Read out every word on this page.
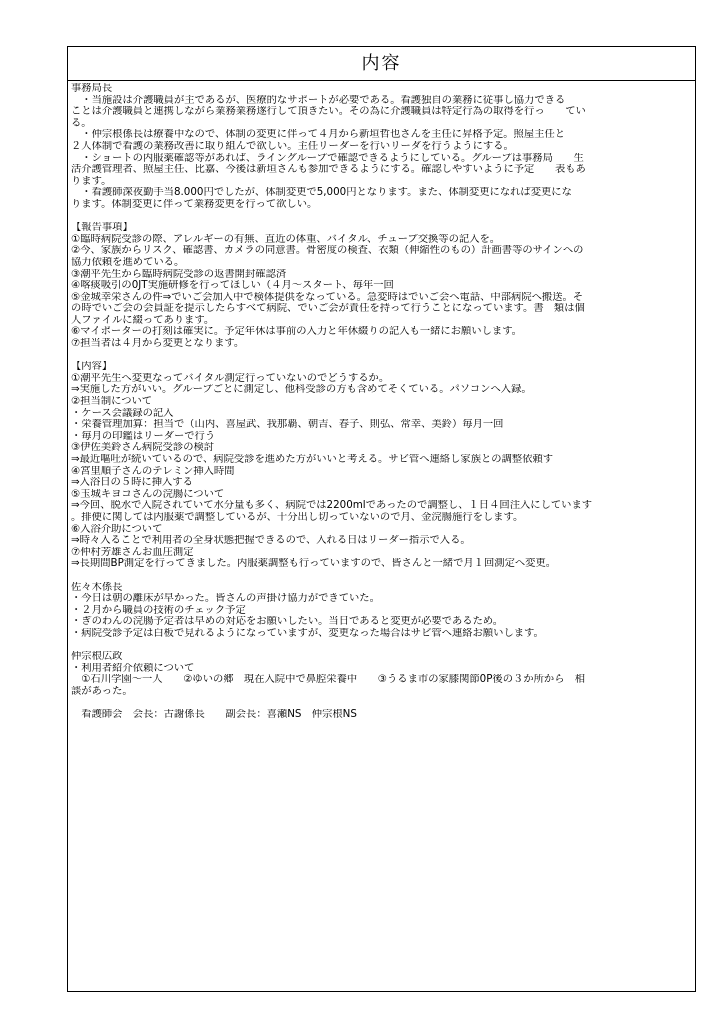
内容
事務局長
　・当施設は介護職員が主であるが、医療的なサポートが必要である。看護独自の業務に従事し協力できる
ことは介護職員と連携しながら業務業務遂行して頂きたい。その為に介護職員は特定行為の取得を行っ　　てい
る。
　・仲宗根係長は療養中なので、体制の変更に伴って４月から新垣哲也さんを主任に昇格予定。照屋主任と
２人体制で看護の業務改善に取り組んで欲しい。主任リーダーを行いリーダを行うようにする。
　・ショートの内服薬確認等があれば、ライングループで確認できるようにしている。グループは事務局　　生
活介護管理者、照屋主任、比嘉、今後は新垣さんも参加できるようにする。確認しやすいように予定　　表もあ
ります。
　・看護師深夜勤手当8.000円でしたが、体制変更で5,000円となります。また、体制変更になれば変更にな
ります。体制変更に伴って業務変更を行って欲しい。
【報告事項】
①臨時病院受診の際、アレルギーの有無、直近の体重、バイタル、チューブ交換等の記入を。
②今、家族からリスク、確認書、カメラの同意書。骨密度の検査、衣類（伸縮性のもの）計画書等のサインへの
協力依頼を進めている。
③潮平先生から臨時病院受診の返書開封確認済
④喀痰吸引の0JT実施研修を行ってほしい（４月～スタート、毎年一回
⑤金城幸栄さんの件⇒でいご会加入中で検体提供をなっている。急変時はでいご会へ電話、中部病院へ搬送。そ
の時でいご会の会員証を提示したらすべて病院、でいご会が責任を持って行うことになっています。書　類は個
人ファイルに綴ってあります。
⑥マイポーターの打刻は確実に。予定年休は事前の入力と年休綴りの記入も一緒にお願いします。
⑦担当者は４月から変更となります。
【内容】
①潮平先生へ変更なってバイタル測定行っていないのでどうするか。
⇒実施した方がいい。グループごとに測定し、他科受診の方も含めてそくている。パソコンへ入録。
②担当制について
・ケース会議録の記入
・栄養管理加算：担当で（山内、喜屋武、我那覇、朝吉、春子、則弘、常幸、美鈴）毎月一回
・毎月の印鑑はリーダーで行う
③伊佐美鈴さん病院受診の検討
⇒最近嘔吐が続いているので、病院受診を進めた方がいいと考える。サビ管へ連絡し家族との調整依頼す
④宮里順子さんのテレミン挿入時間
⇒入浴日の５時に挿入する
⑤玉城キヨコさんの浣腸について
⇒今回、脱水で入院されていて水分量も多く、病院では2200mlであったので調整し、１日４回注入にしています
。排便に関しては内服薬で調整しているが、十分出し切っていないので月、金浣腸施行をします。
⑥入浴介助について
⇒時々入ることで利用者の全身状態把握できるので、入れる日はリーダー指示で入る。
⑦仲村芳雄さんお血圧測定
⇒長期間BP測定を行ってきました。内服薬調整も行っていますので、皆さんと一緒で月１回測定へ変更。
佐々木係長
・今日は朝の離床が早かった。皆さんの声掛け協力ができていた。
・２月から職員の技術のチェック予定
・ぎのわんの浣腸予定者は早めの対応をお願いしたい。当日であると変更が必要であるため。
・病院受診予定は白板で見れるようになっていますが、変更なった場合はサビ管へ連絡お願いします。
仲宗根広政
・利用者紹介依頼について
　①石川学園～一人　　②ゆいの郷　現在入院中で鼻腔栄養中　　③うるま市の家膝関節0P後の３か所から　相
談があった。
　看護師会　会長：古謝係長　　副会長：喜瀬NS　仲宗根NS
